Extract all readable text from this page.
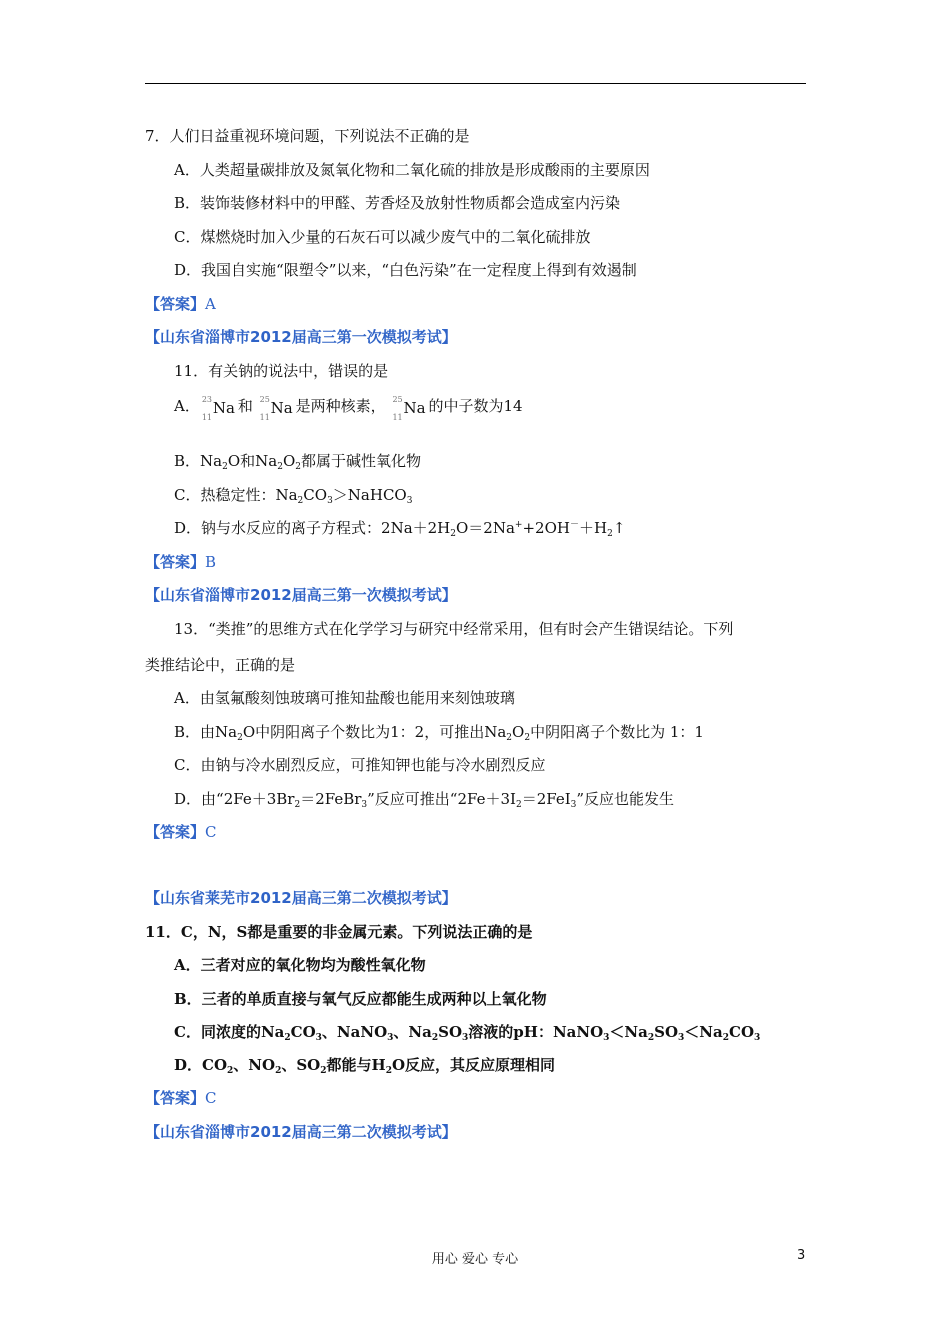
7．人们日益重视环境问题，下列说法不正确的是
A．人类超量碳排放及氮氧化物和二氧化硫的排放是形成酸雨的主要原因
B．装饰装修材料中的甲醛、芳香烃及放射性物质都会造成室内污染
C．煤燃烧时加入少量的石灰石可以减少废气中的二氧化硫排放
D．我国自实施“限塑令”以来，“白色污染”在一定程度上得到有效遏制
【答案】A
【山东省淄博市2012届高三第一次模拟考试】
11．有关钠的说法中，错误的是
A． 23
11
Na 和 25
11
Na 是两种核素， 25
11
Na 的中子数为14
B．$Na_2O$和$Na_2O_2$都属于碱性氧化物
C．热稳定性：$Na_2CO_3>NaHCO_3$
D．钠与水反应的离子方程式：$2Na+2H_2O=2Na^++2OH^-+H_2↑$
【答案】B
【山东省淄博市2012届高三第一次模拟考试】
13．“类推”的思维方式在化学学习与研究中经常采用，但有时会产生错误结论。下列
类推结论中，正确的是
A．由氢氟酸刻蚀玻璃可推知盐酸也能用来刻蚀玻璃
B．由$Na_2O$中阴阳离子个数比为1：2，可推出$Na_2O_2$中阴阳离子个数比为 1：1
C．由钠与冷水剧烈反应，可推知钾也能与冷水剧烈反应
D．由“$2Fe+3Br_2=2FeBr_3$”反应可推出“$2Fe+3I_2=2FeI_3$”反应也能发生
【答案】C
【山东省莱芜市2012届高三第二次模拟考试】
11．C，N，S都是重要的非金属元素。下列说法正确的是
A．三者对应的氧化物均为酸性氧化物
B．三者的单质直接与氧气反应都能生成两种以上氧化物
C．同浓度的$Na_2CO_3$、NaNO$_3$、$Na_2SO_3$溶液的pH：$NaNO_3<Na_2SO_3<Na_2CO_3$
D．$CO_2$、$NO_2$、$SO_2$都能与$H_2O$反应，其反应原理相同
【答案】C
【山东省淄博市2012届高三第二次模拟考试】
用心 爱心 专心	3
